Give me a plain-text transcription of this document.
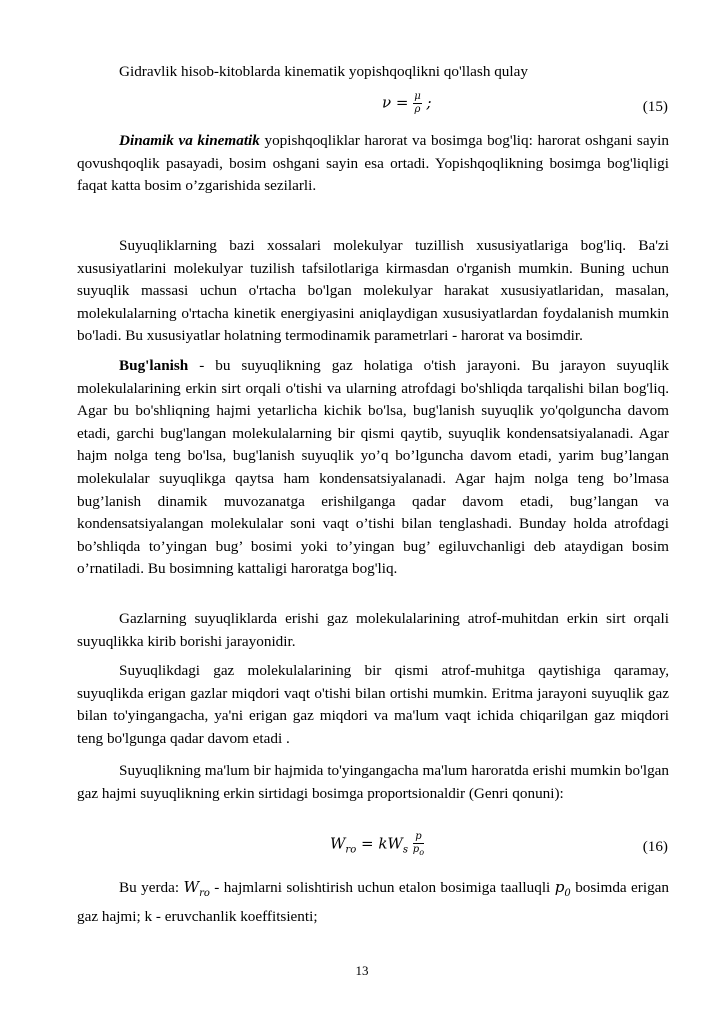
Gidravlik hisob-kitoblarda kinematik yopishqoqlikni qo'llash qulay
$\nu = \frac{\mu}{\rho}$ ;	(15)

Dinamik va kinematik yopishqoqliklar harorat va bosimga bog'liq: harorat oshgani sayin qovushqoqlik pasayadi, bosim oshgani sayin esa ortadi. Yopishqoqlikning bosimga bog'liqligi faqat katta bosim o’zgarishida sezilarli.

Suyuqliklarning bazi xossalari molekulyar tuzillish xususiyatlariga bog'liq. Ba'zi xususiyatlarini molekulyar tuzilish tafsilotlariga kirmasdan o'rganish mumkin. Buning uchun suyuqlik massasi uchun o'rtacha bo'lgan molekulyar harakat xususiyatlaridan, masalan, molekulalarning o'rtacha kinetik energiyasini aniqlaydigan xususiyatlardan foydalanish mumkin bo'ladi. Bu xususiyatlar holatning termodinamik parametrlari - harorat va bosimdir.

Bug'lanish - bu suyuqlikning gaz holatiga o'tish jarayoni. Bu jarayon suyuqlik molekulalarining erkin sirt orqali o'tishi va ularning atrofdagi bo'shliqda tarqalishi bilan bog'liq. Agar bu bo'shliqning hajmi yetarlicha kichik bo'lsa, bug'lanish suyuqlik yo'qolguncha davom etadi, garchi bug'langan molekulalarning bir qismi qaytib, suyuqlik kondensatsiyalanadi. Agar hajm nolga teng bo'lsa, bug'lanish suyuqlik yo’q bo’lguncha davom etadi, yarim bug’langan molekulalar suyuqlikga qaytsa ham kondensatsiyalanadi. Agar hajm nolga teng bo’lmasa bug’lanish dinamik muvozanatga erishilganga qadar davom etadi, bug’langan va kondensatsiyalangan molekulalar soni vaqt o’tishi bilan tenglashadi. Bunday holda atrofdagi bo’shliqda to’yingan bug’ bosimi yoki to’yingan bug’ egiluvchanligi deb ataydigan bosim o’rnatiladi. Bu bosimning kattaligi haroratga bog'liq.

Gazlarning suyuqliklarda erishi gaz molekulalarining atrof-muhitdan erkin sirt orqali suyuqlikka kirib borishi jarayonidir.

Suyuqlikdagi gaz molekulalarining bir qismi atrof-muhitga qaytishiga qaramay, suyuqlikda erigan gazlar miqdori vaqt o'tishi bilan ortishi mumkin. Eritma jarayoni suyuqlik gaz bilan to'yingangacha, ya'ni erigan gaz miqdori va ma'lum vaqt ichida chiqarilgan gaz miqdori teng bo'lgunga qadar davom etadi .

Suyuqlikning ma'lum bir hajmida to'yingangacha ma'lum haroratda erishi mumkin bo'lgan gaz hajmi suyuqlikning erkin sirtidagi bosimga proportsionaldir (Genri qonuni):

$W_{ro} = kW_s \frac{p}{p_o}$	(16)

Bu yerda: $W_{ro}$ - hajmlarni solishtirish uchun etalon bosimiga taalluqli $p_0$ bosimda erigan gaz hajmi; k - eruvchanlik koeffitsienti;

13
